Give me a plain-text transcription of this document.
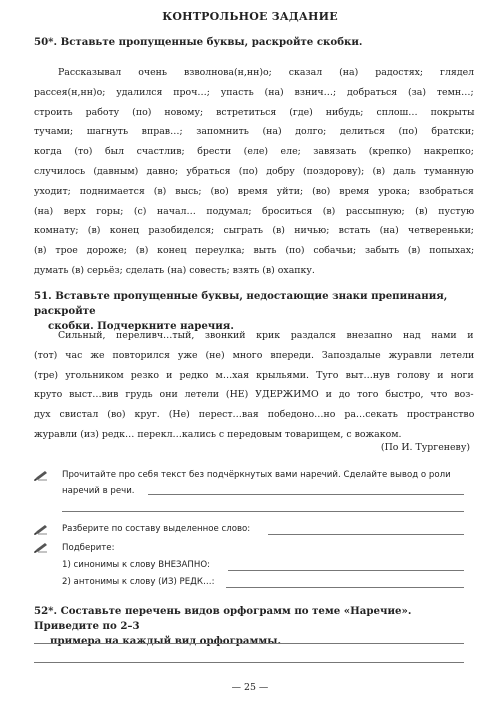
КОНТРОЛЬНОЕ ЗАДАНИЕ
50*. Вставьте пропущенные буквы, раскройте скобки.
Рассказывал очень взволнова(н,нн)о; сказал (на) радостях; глядел
рассея(н,нн)о; удалился проч…; упасть (на) взнич…; добраться (за) темн…;
строить работу (по) новому; встретиться (где) нибудь; сплош… покрыты
тучами; шагнуть вправ…; запомнить (на) долго; делиться (по) братски;
когда (то) был счастлив; брести (еле) еле; завязать (крепко) накрепко;
случилось (давным) давно; убраться (по) добру (поздорову); (в) даль туманную
уходит; поднимается (в) высь; (во) время уйти; (во) время урока; взобраться
(на) верх горы; (с) начал… подумал; броситься (в) рассыпную; (в) пустую
комнату; (в) конец разобиделся; сыграть (в) ничью; встать (на) четвереньки;
(в) трое дороже; (в) конец переулка; выть (по) собачьи; забыть (в) попыхах;
думать (в) серьёз; сделать (на) совесть; взять (в) охапку.
51. Вставьте пропущенные буквы, недостающие знаки препинания, раскройте
скобки. Подчеркните наречия.
Сильный, переливч…тый, звонкий крик раздался внезапно над нами и
(тот) час же повторился уже (не) много впереди. Запоздалые журавли летели
(тре) угольником резко и редко м…хая крыльями. Туго выт…нув голову и ноги
круто выст…вив грудь они летели (НЕ) УДЕРЖИМО и до того быстро, что воз-
дух свистал (во) круг. (Не) перест…вая победоно…но ра…секать пространство
журавли (из) редк… перекл…кались с передовым товарищем, с вожаком.
(По И. Тургеневу)
Прочитайте про себя текст без подчёркнутых вами наречий. Сделайте вывод о роли
наречий в речи.
Разберите по составу выделенное слово:
Подберите:
1) синонимы к слову ВНЕЗАПНО:
2) антонимы к слову (ИЗ) РЕДК…:
52*. Составьте перечень видов орфограмм по теме «Наречие». Приведите по 2–3
примера на каждый вид орфограммы.
— 25 —
